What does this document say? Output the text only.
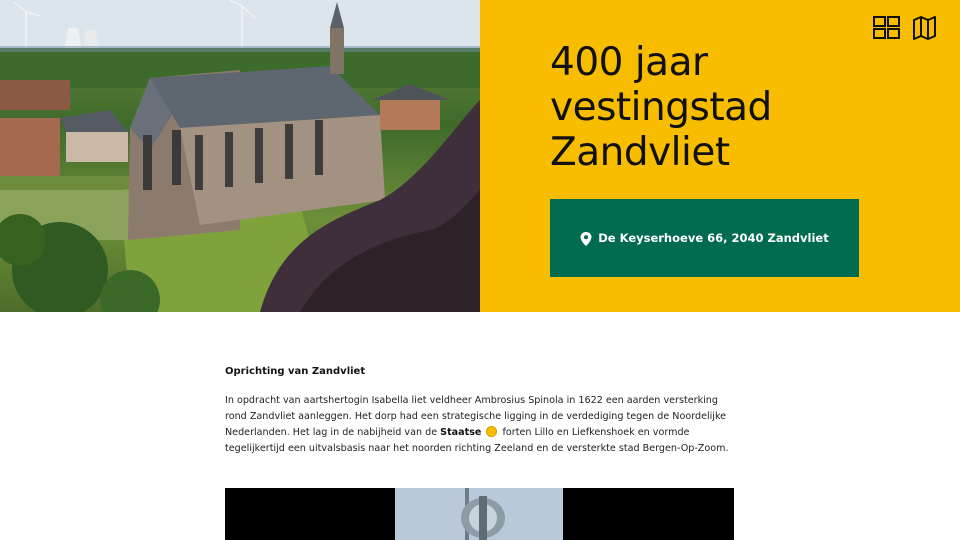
400 jaar
vestingstad
Zandvliet
De Keyserhoeve 66, 2040 Zandvliet
Oprichting van Zandvliet

In opdracht van aartshertogin Isabella liet veldheer Ambrosius Spinola in 1622 een aarden versterking rond Zandvliet aanleggen. Het dorp had een strategische ligging in de verdediging tegen de Noordelijke Nederlanden. Het lag in de nabijheid van de Staatse forten Lillo en Liefkenshoek en vormde tegelijkertijd een uitvalsbasis naar het noorden richting Zeeland en de versterkte stad Bergen-Op-Zoom.
